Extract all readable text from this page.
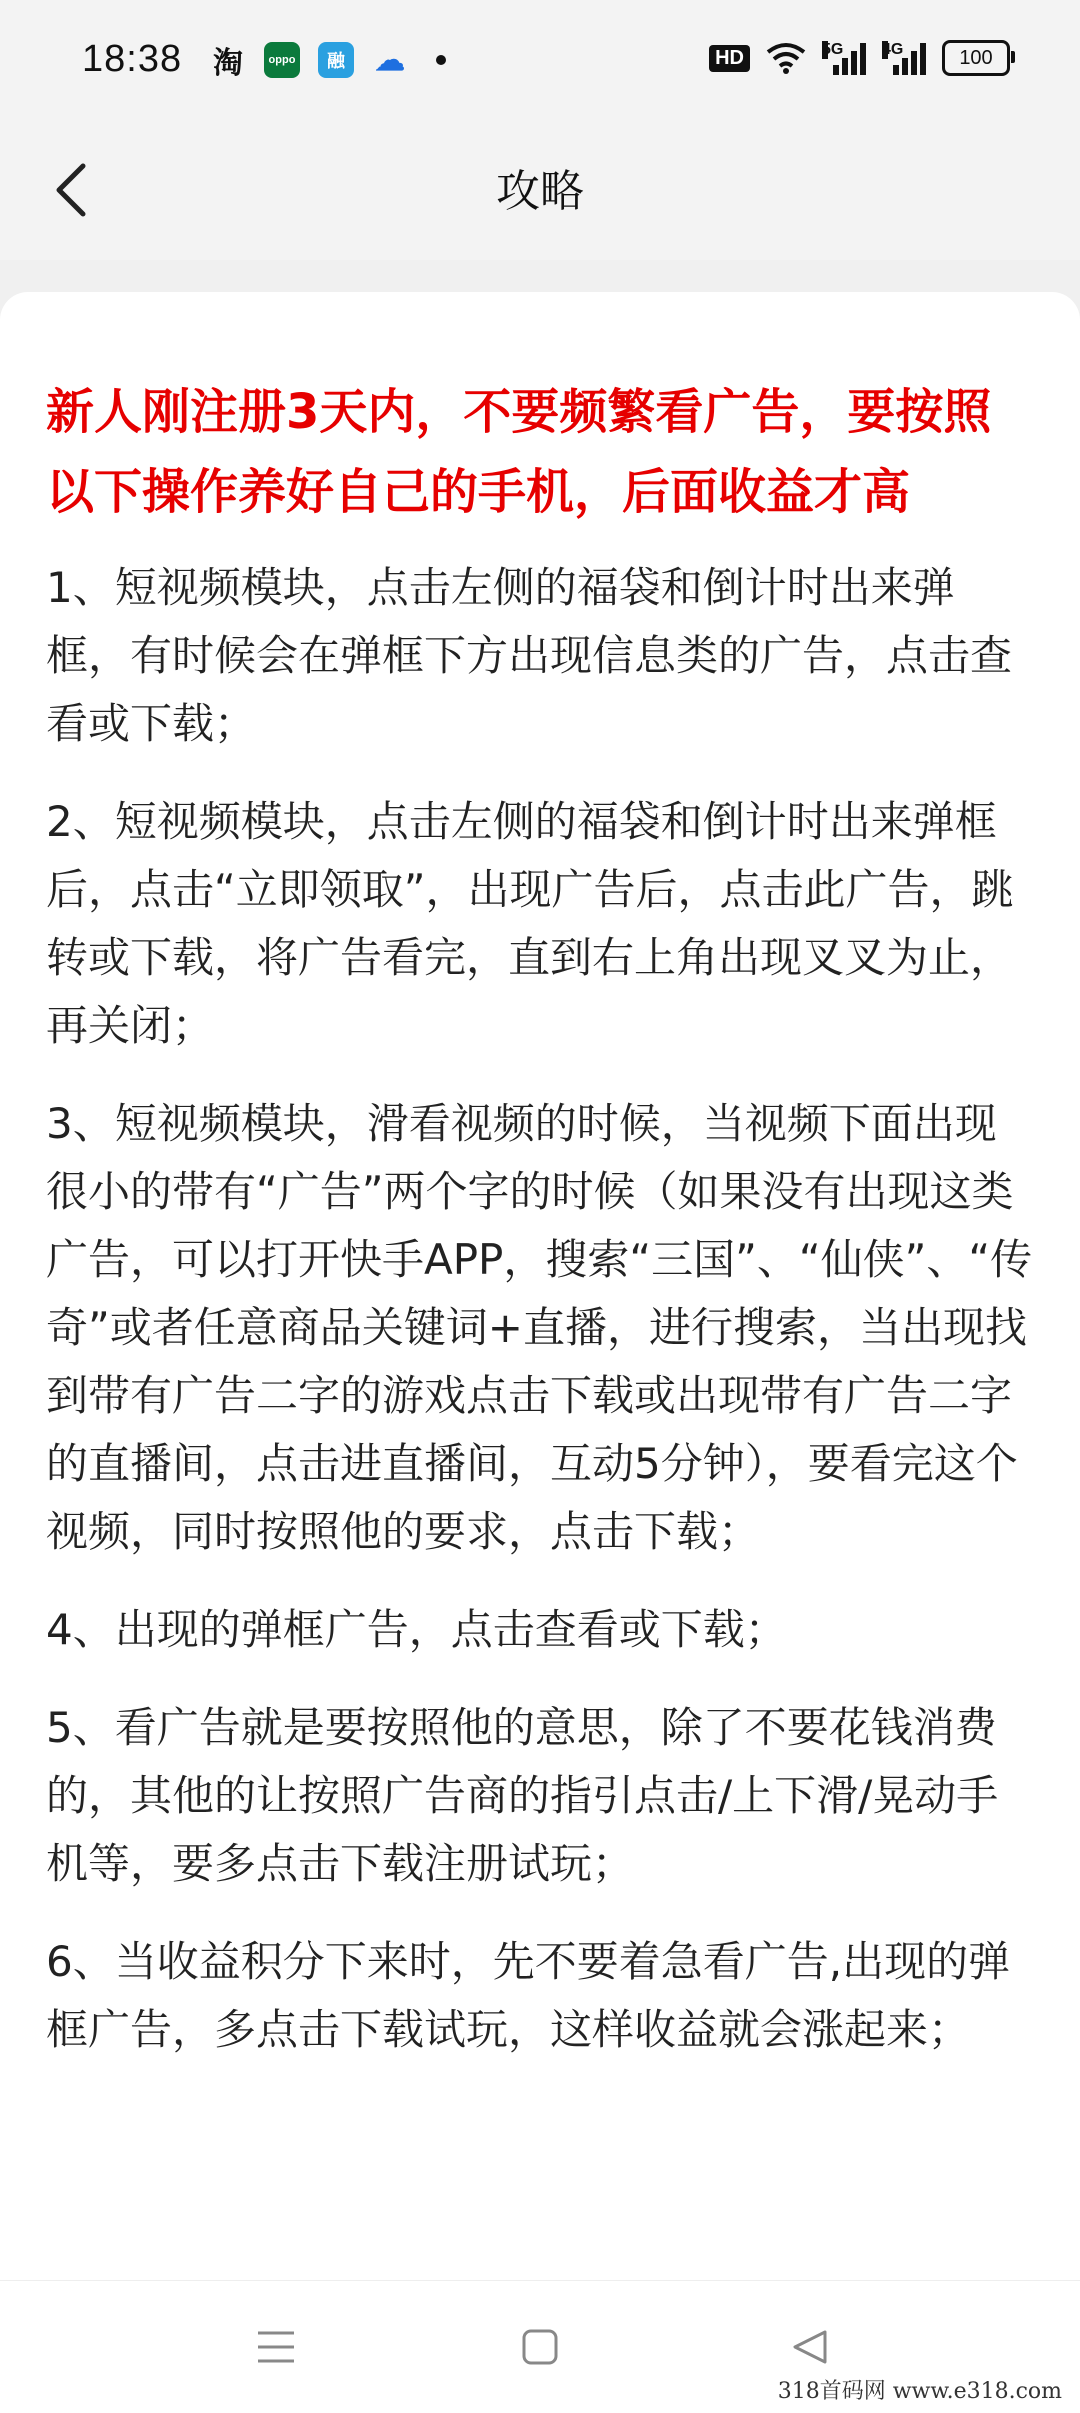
18:38 淘	oppo	融	☁	HD	5G 4G	100
攻略

新人刚注册3天内，不要频繁看广告，要按照以下操作养好自己的手机，后面收益才高

1、短视频模块，点击左侧的福袋和倒计时出来弹框，有时候会在弹框下方出现信息类的广告，点击查看或下载；

2、短视频模块，点击左侧的福袋和倒计时出来弹框后，点击“立即领取”，出现广告后，点击此广告，跳转或下载，将广告看完，直到右上角出现叉叉为止，再关闭；

3、短视频模块，滑看视频的时候，当视频下面出现很小的带有“广告”两个字的时候（如果没有出现这类广告，可以打开快手APP，搜索“三国”、“仙侠”、“传奇”或者任意商品关键词+直播，进行搜索，当出现找到带有广告二字的游戏点击下载或出现带有广告二字的直播间，点击进直播间，互动5分钟），要看完这个视频，同时按照他的要求，点击下载；

4、出现的弹框广告，点击查看或下载；

5、看广告就是要按照他的意思，除了不要花钱消费的，其他的让按照广告商的指引点击/上下滑/晃动手机等，要多点击下载注册试玩；

6、当收益积分下来时，先不要着急看广告,出现的弹框广告，多点击下载试玩，这样收益就会涨起来；

318首码网 www.e318.com
